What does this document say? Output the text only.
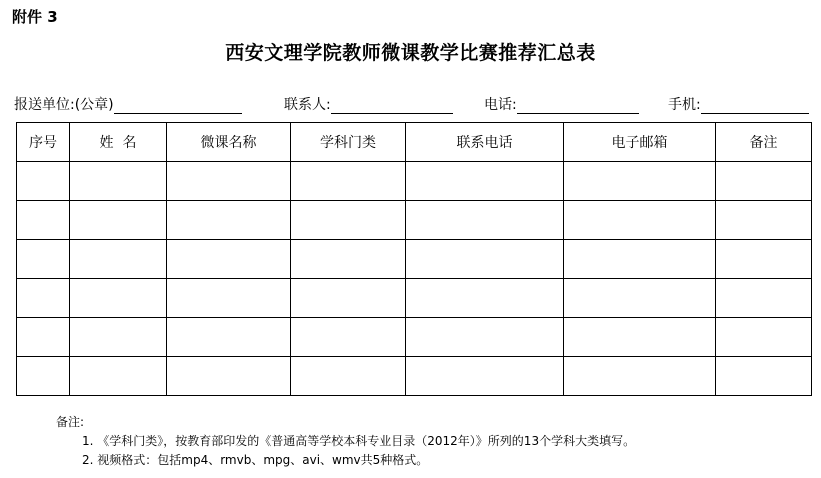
附件 3
西安文理学院教师微课教学比赛推荐汇总表
报送单位:(公章)	联系人:	电话:	手机:
序号	姓  名	微课名称	学科门类	联系电话	电子邮箱	备注

备注:
1. 《学科门类》，按教育部印发的《普通高等学校本科专业目录（2012年）》所列的13个学科大类填写。
2. 视频格式：包括mp4、rmvb、mpg、avi、wmv共5种格式。
